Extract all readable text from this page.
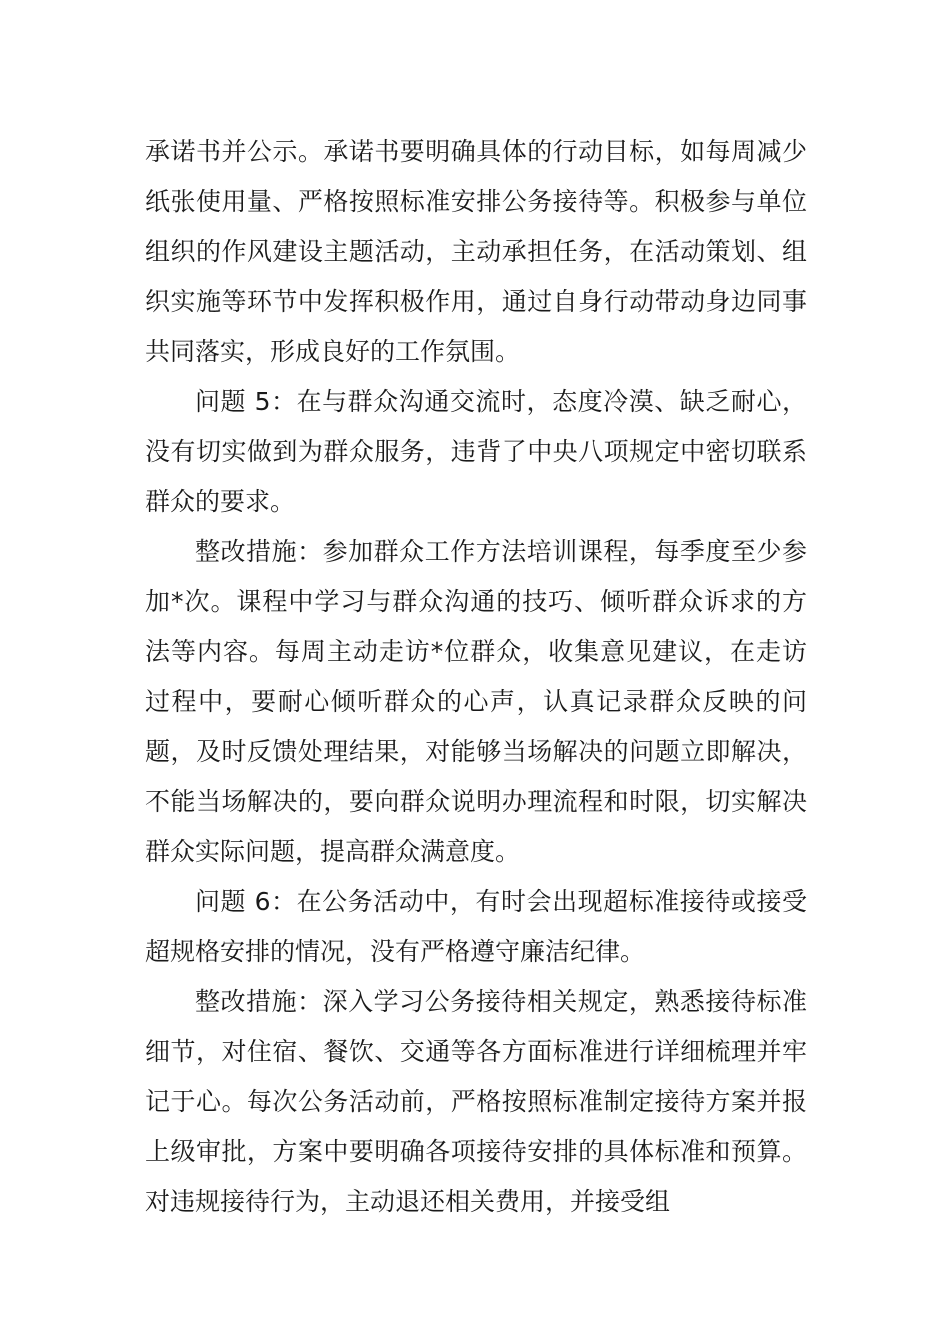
承诺书并公示。承诺书要明确具体的行动目标，如每周减少纸张使用量、严格按照标准安排公务接待等。积极参与单位组织的作风建设主题活动，主动承担任务，在活动策划、组织实施等环节中发挥积极作用，通过自身行动带动身边同事共同落实，形成良好的工作氛围。

问题 5：在与群众沟通交流时，态度冷漠、缺乏耐心，没有切实做到为群众服务，违背了中央八项规定中密切联系群众的要求。

整改措施：参加群众工作方法培训课程，每季度至少参加*次。课程中学习与群众沟通的技巧、倾听群众诉求的方法等内容。每周主动走访*位群众，收集意见建议，在走访过程中，要耐心倾听群众的心声，认真记录群众反映的问题，及时反馈处理结果，对能够当场解决的问题立即解决，不能当场解决的，要向群众说明办理流程和时限，切实解决群众实际问题，提高群众满意度。

问题 6：在公务活动中，有时会出现超标准接待或接受超规格安排的情况，没有严格遵守廉洁纪律。

整改措施：深入学习公务接待相关规定，熟悉接待标准细节，对住宿、餐饮、交通等各方面标准进行详细梳理并牢记于心。每次公务活动前，严格按照标准制定接待方案并报上级审批，方案中要明确各项接待安排的具体标准和预算。对违规接待行为，主动退还相关费用，并接受组
